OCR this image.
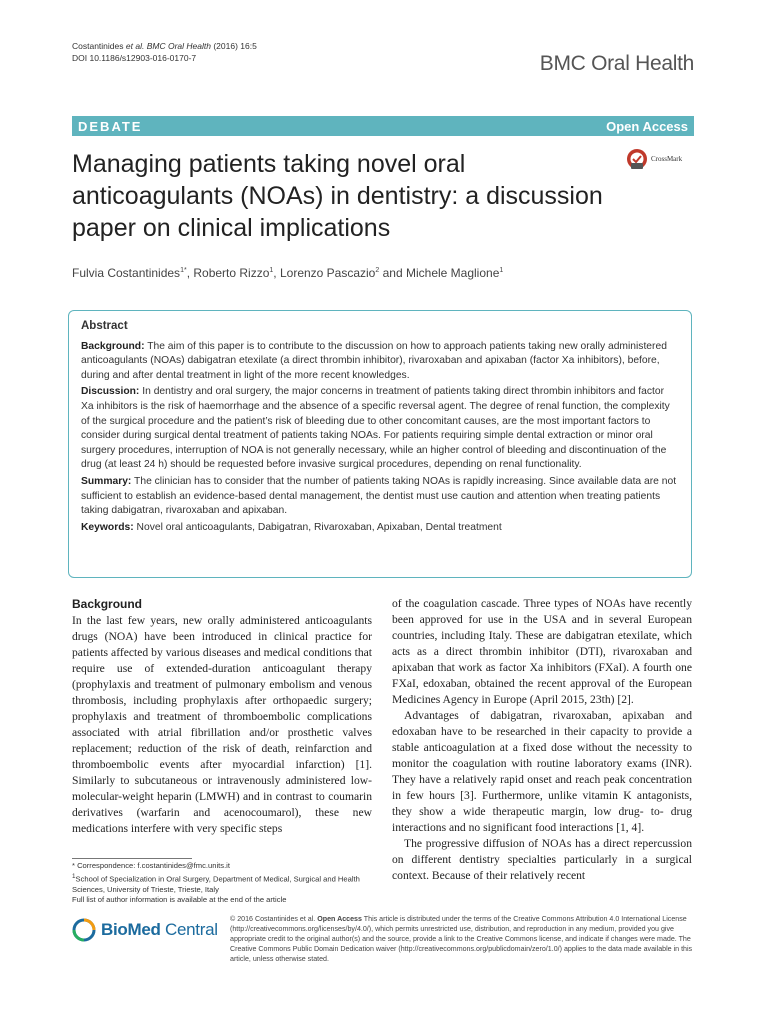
Costantinides et al. BMC Oral Health (2016) 16:5
DOI 10.1186/s12903-016-0170-7	BMC Oral Health
DEBATE	Open Access
Managing patients taking novel oral anticoagulants (NOAs) in dentistry: a discussion paper on clinical implications
CrossMark
Fulvia Costantinides$^{1*}$, Roberto Rizzo$^1$, Lorenzo Pascazio$^2$ and Michele Maglione$^1$
Abstract

Background: The aim of this paper is to contribute to the discussion on how to approach patients taking new orally administered anticoagulants (NOAs) dabigatran etexilate (a direct thrombin inhibitor), rivaroxaban and apixaban (factor Xa inhibitors), before, during and after dental treatment in light of the more recent knowledges.

Discussion: In dentistry and oral surgery, the major concerns in treatment of patients taking direct thrombin inhibitors and factor Xa inhibitors is the risk of haemorrhage and the absence of a specific reversal agent. The degree of renal function, the complexity of the surgical procedure and the patient’s risk of bleeding due to other concomitant causes, are the most important factors to consider during surgical dental treatment of patients taking NOAs. For patients requiring simple dental extraction or minor oral surgery procedures, interruption of NOA is not generally necessary, while an higher control of bleeding and discontinuation of the drug (at least 24 h) should be requested before invasive surgical procedures, depending on renal functionality.

Summary: The clinician has to consider that the number of patients taking NOAs is rapidly increasing. Since available data are not sufficient to establish an evidence-based dental management, the dentist must use caution and attention when treating patients taking dabigatran, rivaroxaban and apixaban.

Keywords: Novel oral anticoagulants, Dabigatran, Rivaroxaban, Apixaban, Dental treatment

Background

In the last few years, new orally administered anticoagulants drugs (NOA) have been introduced in clinical practice for patients affected by various diseases and medical conditions that require use of extended-duration anticoagulant therapy (prophylaxis and treatment of pulmonary embolism and venous thrombosis, including prophylaxis after orthopaedic surgery; prophylaxis and treatment of thromboembolic complications associated with atrial fibrillation and/or prosthetic valves replacement; reduction of the risk of death, reinfarction and thromboembolic events after myocardial infarction) [1]. Similarly to subcutaneous or intravenously administered low-molecular-weight heparin (LMWH) and in contrast to coumarin derivatives (warfarin and acenocoumarol), these new medications interfere with very specific steps

of the coagulation cascade. Three types of NOAs have recently been approved for use in the USA and in several European countries, including Italy. These are dabigatran etexilate, which acts as a direct thrombin inhibitor (DTI), rivaroxaban and apixaban that work as factor Xa inhibitors (FXaI). A fourth one FXaI, edoxaban, obtained the recent approval of the European Medicines Agency in Europe (April 2015, 23th) [2].

Advantages of dabigatran, rivaroxaban, apixaban and edoxaban have to be researched in their capacity to provide a stable anticoagulation at a fixed dose without the necessity to monitor the coagulation with routine laboratory exams (INR). They have a relatively rapid onset and reach peak concentration in few hours [3]. Furthermore, unlike vitamin K antagonists, they show a wide therapeutic margin, low drug- to- drug interactions and no significant food interactions [1, 4].

The progressive diffusion of NOAs has a direct repercussion on different dentistry specialties particularly in a surgical context. Because of their relatively recent

* Correspondence: f.costantinides@fmc.units.it

$^1$School of Specialization in Oral Surgery, Department of Medical, Surgical and Health Sciences, University of Trieste, Trieste, Italy

Full list of author information is available at the end of the article

BioMed Central
© 2016 Costantinides et al. Open Access This article is distributed under the terms of the Creative Commons Attribution 4.0 International License (http://creativecommons.org/licenses/by/4.0/), which permits unrestricted use, distribution, and reproduction in any medium, provided you give appropriate credit to the original author(s) and the source, provide a link to the Creative Commons license, and indicate if changes were made. The Creative Commons Public Domain Dedication waiver (http://creativecommons.org/publicdomain/zero/1.0/) applies to the data made available in this article, unless otherwise stated.
